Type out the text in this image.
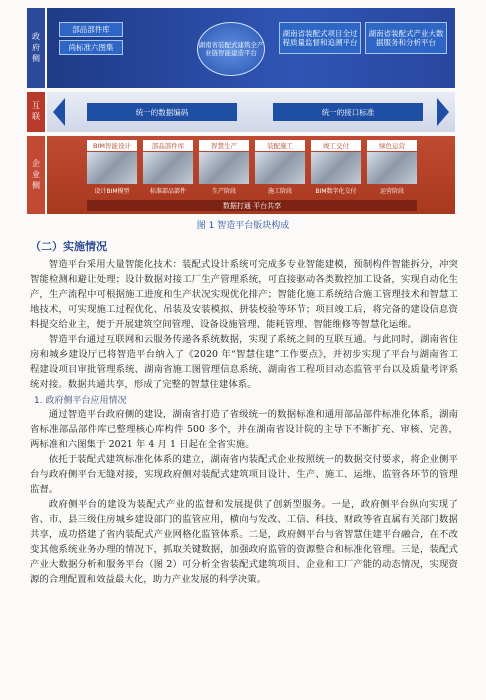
政府侧
互联
企业侧
部品部件库
尚标准六图集	湖南省装配式建筑全产业链智能建造平台
湖南省装配式项目全过程质量监督和追溯平台
湖南省装配式产业大数据服务和分析平台
统一的数据编码	统一的接口标准
BIM智能设计
设计BIM模型
部品部件库
标准部品部件
智慧生产
生产阶段
装配施工
施工阶段
竣工交付
BIM数字化交付
绿色运营
运营阶段
数据打通 平台共享
图 1 智造平台版块构成
（二）实施情况

智造平台采用大量智能化技术：装配式设计系统可完成多专业智能建模，预制构件智能拆分，冲突智能检测和避让处理；设计数据对接工厂生产管理系统，可直接驱动各类数控加工设备，实现自动化生产，生产流程中可根据施工进度和生产状况实现优化排产；智能化施工系统结合施工管理技术和智慧工地技术，可实现施工过程优化、吊装及安装模拟、拼装校验等环节；项目竣工后，将完备的建设信息资料提交给业主，便于开展建筑空间管理、设备设施管理、能耗管理、智能维修等智慧化运维。

智造平台通过互联网和云服务传递各系统数据，实现了系统之间的互联互通。与此同时，湖南省住房和城乡建设厅已将智造平台纳入了《2020 年“智慧住建”工作要点》，并初步实现了平台与湖南省工程建设项目审批管理系统、湖南省施工图管理信息系统、湖南省工程项目动态监管平台以及质量考评系统对接。数据共通共享，形成了完整的智慧住建体系。

1. 政府侧平台应用情况

通过智造平台政府侧的建设，湖南省打造了省级统一的数据标准和通用部品部件标准化体系，湖南省标准部品部件库已整理核心库构件 500 多个，并在湖南省设计院的主导下不断扩充、审核、完善，两标准和六图集于 2021 年 4 月 1 日起在全省实施。

依托于装配式建筑标准化体系的建立，湖南省内装配式企业按照统一的数据交付要求，将企业侧平台与政府侧平台无缝对接，实现政府侧对装配式建筑项目设计、生产、施工、运维、监管各环节的管理监督。

政府侧平台的建设为装配式产业的监督和发展提供了创新型服务。一是，政府侧平台纵向实现了省、市、县三级住房城乡建设部门的监管应用，横向与发改、工信、科技、财政等省直属有关部门数据共享，成功搭建了省内装配式产业网格化监管体系。二是，政府侧平台与省智慧住建平台融合，在不改变其他系统业务办理的情况下，抓取关键数据，加强政府监管的资源整合和标准化管理。三是，装配式产业大数据分析和服务平台（图 2）可分析全省装配式建筑项目、企业和工厂产能的动态情况，实现资源的合理配置和效益最大化，助力产业发展的科学决策。
